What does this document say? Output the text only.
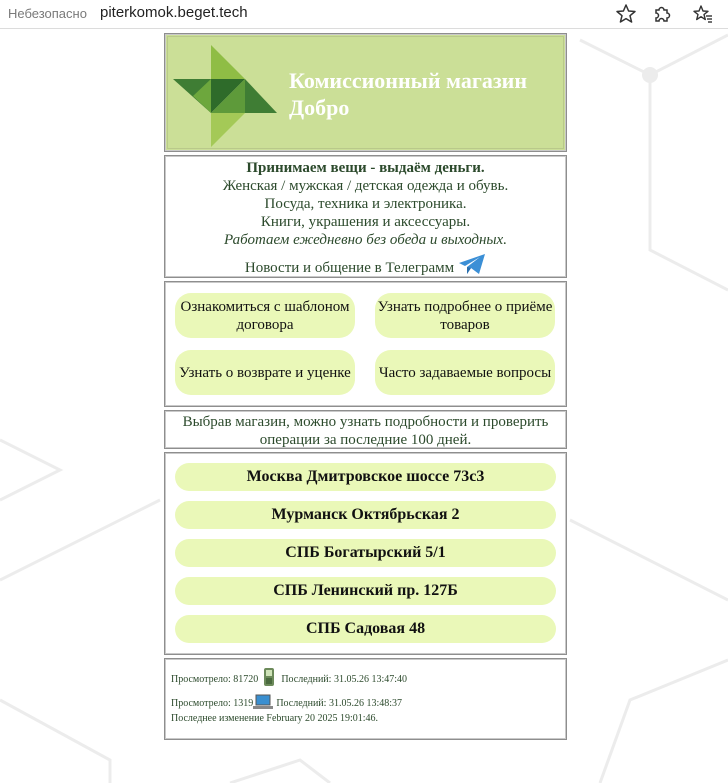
Небезопасно piterkomok.beget.tech
Комиссионный магазин Добро
Принимаем вещи - выдаём деньги.
Женская / мужская / детская одежда и обувь.
Посуда, техника и электроника.
Книги, украшения и аксессуары.
Работаем ежедневно без обеда и выходных.
Новости и общение в Телеграмм
Ознакомиться с шаблоном договора
Узнать подробнее о приёме товаров
Узнать о возврате и уценке Часто задаваемые вопросы
Выбрав магазин, можно узнать подробности и проверить операции за последние 100 дней.
Москва Дмитровское шоссе 73с3
Мурманск Октябрьская 2
СПБ Богатырский 5/1
СПБ Ленинский пр. 127Б
СПБ Садовая 48
Просмотрело: 81720 Последний: 31.05.26 13:47:40
Просмотрело: 1319 Последний: 31.05.26 13:48:37
Последнее изменение February 20 2025 19:01:46.
